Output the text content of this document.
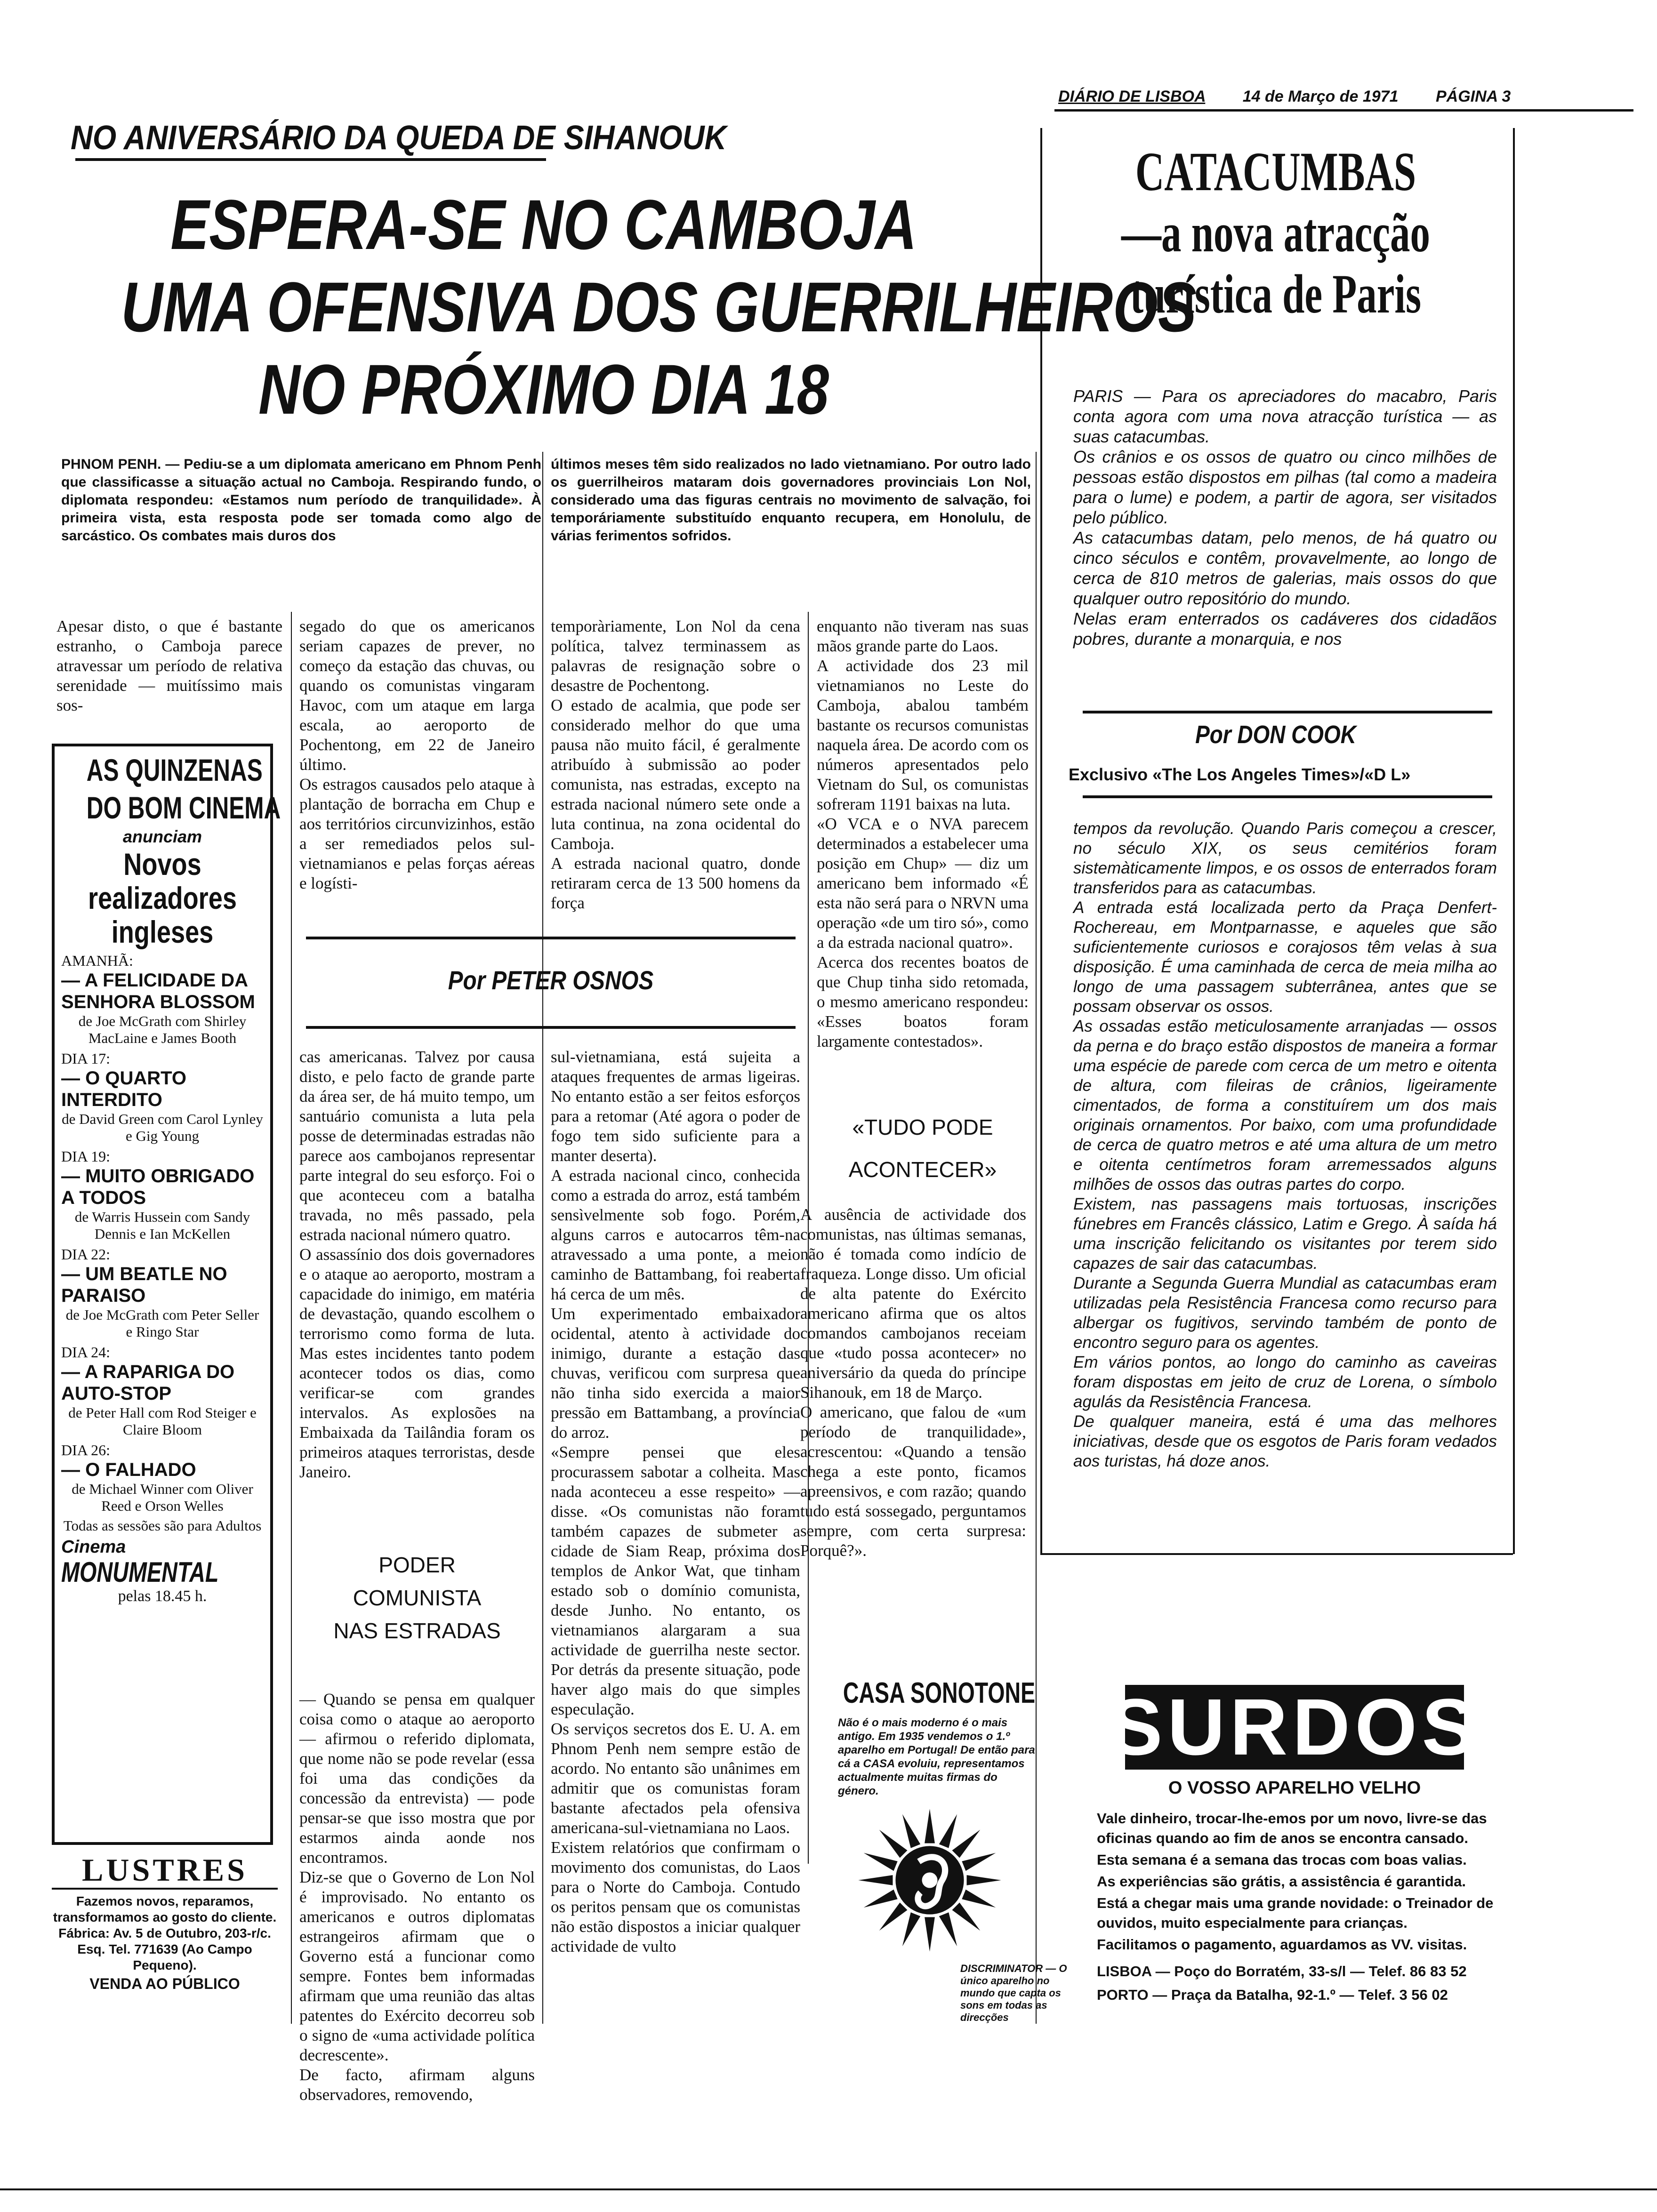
DIÁRIO DE LISBOA 14 de Março de 1971 PÁGINA 3
NO ANIVERSÁRIO DA QUEDA DE SIHANOUK
ESPERA-SE NO CAMBOJA
UMA OFENSIVA DOS GUERRILHEIROS
NO PRÓXIMO DIA 18
PHNOM PENH. — Pediu-se a um diplomata americano em Phnom Penh que classificasse a situação actual no Camboja. Respirando fundo, o diplomata respondeu: «Estamos num período de tranquilidade». À primeira vista, esta resposta pode ser tomada como algo de sarcástico. Os combates mais duros dos
últimos meses têm sido realizados no lado vietnamiano. Por outro lado os guerrilheiros mataram dois governadores provinciais Lon Nol, considerado uma das figuras centrais no movimento de salvação, foi temporáriamente substituído enquanto recupera, em Honolulu, de várias ferimentos sofridos.
Apesar disto, o que é bastante estranho, o Camboja parece atravessar um período de relativa serenidade — muitíssimo mais sos-
AS QUINZENAS
DO BOM CINEMA
anunciam
Novos
realizadores
ingleses
AMANHÃ:
— A FELICIDADE DA SENHORA BLOSSOM
de Joe McGrath com Shirley MacLaine e James Booth
DIA 17:
— O QUARTO INTERDITO
de David Green com Carol Lynley e Gig Young
DIA 19:
— MUITO OBRIGADO A TODOS
de Warris Hussein com Sandy Dennis e Ian McKellen
DIA 22:
— UM BEATLE NO PARAISO
de Joe McGrath com Peter Seller e Ringo Star
DIA 24:
— A RAPARIGA DO AUTO-STOP
de Peter Hall com Rod Steiger e Claire Bloom
DIA 26:
— O FALHADO
de Michael Winner com Oliver Reed e Orson Welles
Todas as sessões são para Adultos
Cinema
MONUMENTAL
pelas 18.45 h.
LUSTRES
Fazemos novos, reparamos, transformamos ao gosto do cliente. Fábrica: Av. 5 de Outubro, 203-r/c. Esq. Tel. 771639 (Ao Campo Pequeno).
VENDA AO PÚBLICO
segado do que os americanos seriam capazes de prever, no começo da estação das chuvas, ou quando os comunistas vingaram Havoc, com um ataque em larga escala, ao aeroporto de Pochentong, em 22 de Janeiro último.
Os estragos causados pelo ataque à plantação de borracha em Chup e aos territórios circunvizinhos, estão a ser remediados pelos sul-vietnamianos e pelas forças aéreas e logísti-
Por PETER OSNOS
cas americanas. Talvez por causa disto, e pelo facto de grande parte da área ser, de há muito tempo, um santuário comunista a luta pela posse de determinadas estradas não parece aos cambojanos representar parte integral do seu esforço. Foi o que aconteceu com a batalha travada, no mês passado, pela estrada nacional número quatro.
O assassínio dos dois governadores e o ataque ao aeroporto, mostram a capacidade do inimigo, em matéria de devastação, quando escolhem o terrorismo como forma de luta. Mas estes incidentes tanto podem acontecer todos os dias, como verificar-se com grandes intervalos. As explosões na Embaixada da Tailândia foram os primeiros ataques terroristas, desde Janeiro.
PODER
COMUNISTA
NAS ESTRADAS
— Quando se pensa em qualquer coisa como o ataque ao aeroporto — afirmou o referido diplomata, que nome não se pode revelar (essa foi uma das condições da concessão da entrevista) — pode pensar-se que isso mostra que por estarmos ainda aonde nos encontramos.
Diz-se que o Governo de Lon Nol é improvisado. No entanto os americanos e outros diplomatas estrangeiros afirmam que o Governo está a funcionar como sempre. Fontes bem informadas afirmam que uma reunião das altas patentes do Exército decorreu sob o signo de «uma actividade política decrescente».
De facto, afirmam alguns observadores, removendo,
temporàriamente, Lon Nol da cena política, talvez terminassem as palavras de resignação sobre o desastre de Pochentong.
O estado de acalmia, que pode ser considerado melhor do que uma pausa não muito fácil, é geralmente atribuído à submissão ao poder comunista, nas estradas, excepto na estrada nacional número sete onde a luta continua, na zona ocidental do Camboja.
A estrada nacional quatro, donde retiraram cerca de 13 500 homens da força
sul-vietnamiana, está sujeita a ataques frequentes de armas ligeiras. No entanto estão a ser feitos esforços para a retomar (Até agora o poder de fogo tem sido suficiente para a manter deserta).
A estrada nacional cinco, conhecida como a estrada do arroz, está também sensìvelmente sob fogo. Porém, alguns carros e autocarros têm-na atravessado a uma ponte, a meio caminho de Battambang, foi reaberta há cerca de um mês.
Um experimentado embaixador ocidental, atento à actividade do inimigo, durante a estação das chuvas, verificou com surpresa que não tinha sido exercida a maior pressão em Battambang, a província do arroz.
«Sempre pensei que eles procurassem sabotar a colheita. Mas nada aconteceu a esse respeito» — disse. «Os comunistas não foram também capazes de submeter a cidade de Siam Reap, próxima dos templos de Ankor Wat, que tinham estado sob o domínio comunista, desde Junho. No entanto, os vietnamianos alargaram a sua actividade de guerrilha neste sector. Por detrás da presente situação, pode haver algo mais do que simples especulação.
Os serviços secretos dos E. U. A. em Phnom Penh nem sempre estão de acordo. No entanto são unânimes em admitir que os comunistas foram bastante afectados pela ofensiva americana-sul-vietnamiana no Laos.
Existem relatórios que confirmam o movimento dos comunistas, do Laos para o Norte do Camboja. Contudo os peritos pensam que os comunistas não estão dispostos a iniciar qualquer actividade de vulto
enquanto não tiveram nas suas mãos grande parte do Laos.
A actividade dos 23 mil vietnamianos no Leste do Camboja, abalou também bastante os recursos comunistas naquela área. De acordo com os números apresentados pelo Vietnam do Sul, os comunistas sofreram 1191 baixas na luta.
«O VCA e o NVA parecem determinados a estabelecer uma posição em Chup» — diz um americano bem informado «É esta não será para o NRVN uma operação «de um tiro só», como a da estrada nacional quatro».
Acerca dos recentes boatos de que Chup tinha sido retomada, o mesmo americano respondeu: «Esses boatos foram largamente contestados».
«TUDO PODE
ACONTECER»
A ausência de actividade dos comunistas, nas últimas semanas, não é tomada como indício de fraqueza. Longe disso. Um oficial de alta patente do Exército americano afirma que os altos comandos cambojanos receiam que «tudo possa acontecer» no aniversário da queda do príncipe Sihanouk, em 18 de Março.
O americano, que falou de «um período de tranquilidade», acrescentou: «Quando a tensão chega a este ponto, ficamos apreensivos, e com razão; quando tudo está sossegado, perguntamos sempre, com certa surpresa: Porquê?».
CATACUMBAS
—a nova atracção
turística de Paris
PARIS — Para os apreciadores do macabro, Paris conta agora com uma nova atracção turística — as suas catacumbas.
Os crânios e os ossos de quatro ou cinco milhões de pessoas estão dispostos em pilhas (tal como a madeira para o lume) e podem, a partir de agora, ser visitados pelo público.
As catacumbas datam, pelo menos, de há quatro ou cinco séculos e contêm, provavelmente, ao longo de cerca de 810 metros de galerias, mais ossos do que qualquer outro repositório do mundo.
Nelas eram enterrados os cadáveres dos cidadãos pobres, durante a monarquia, e nos
Por DON COOK
Exclusivo «The Los Angeles Times»/«D L»
tempos da revolução. Quando Paris começou a crescer, no século XIX, os seus cemitérios foram sistemàticamente limpos, e os ossos de enterrados foram transferidos para as catacumbas.
A entrada está localizada perto da Praça Denfert-Rochereau, em Montparnasse, e aqueles que são suficientemente curiosos e corajosos têm velas à sua disposição. É uma caminhada de cerca de meia milha ao longo de uma passagem subterrânea, antes que se possam observar os ossos.
As ossadas estão meticulosamente arranjadas — ossos da perna e do braço estão dispostos de maneira a formar uma espécie de parede com cerca de um metro e oitenta de altura, com fileiras de crânios, ligeiramente cimentados, de forma a constituírem um dos mais originais ornamentos. Por baixo, com uma profundidade de cerca de quatro metros e até uma altura de um metro e oitenta centímetros foram arremessados alguns milhões de ossos das outras partes do corpo.
Existem, nas passagens mais tortuosas, inscrições fúnebres em Francês clássico, Latim e Grego. À saída há uma inscrição felicitando os visitantes por terem sido capazes de sair das catacumbas.
Durante a Segunda Guerra Mundial as catacumbas eram utilizadas pela Resistência Francesa como recurso para albergar os fugitivos, servindo também de ponto de encontro seguro para os agentes.
Em vários pontos, ao longo do caminho as caveiras foram dispostas em jeito de cruz de Lorena, o símbolo agulás da Resistência Francesa.
De qualquer maneira, está é uma das melhores iniciativas, desde que os esgotos de Paris foram vedados aos turistas, há doze anos.
CASA SONOTONE
Não é o mais moderno é o mais antigo. Em 1935 vendemos o 1.º aparelho em Portugal! De então para cá a CASA evoluiu, representamos actualmente muitas firmas do género.
DISCRIMINATOR — O único aparelho no mundo que capta os sons em todas as direcções
SURDOS
O VOSSO APARELHO VELHO
Vale dinheiro, trocar-lhe-emos por um novo, livre-se das oficinas quando ao fim de anos se encontra cansado.
Esta semana é a semana das trocas com boas valias.
As experiências são grátis, a assistência é garantida.
Está a chegar mais uma grande novidade: o Treinador de ouvidos, muito especialmente para crianças.
Facilitamos o pagamento, aguardamos as VV. visitas.
LISBOA — Poço do Borratém, 33-s/l — Telef. 86 83 52
PORTO — Praça da Batalha, 92-1.º — Telef. 3 56 02
